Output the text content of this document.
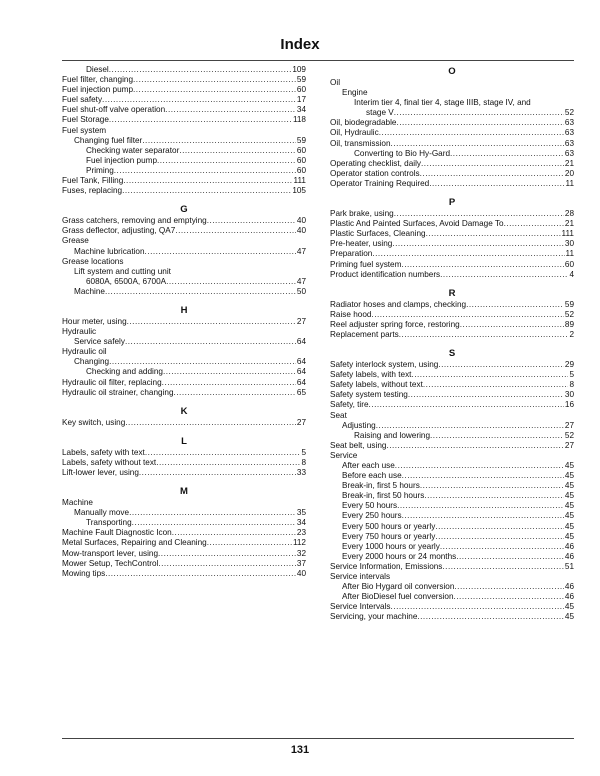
Index
Diesel .....	109
Fuel filter, changing .....	59
Fuel injection pump .....	60
Fuel safety .....	17
Fuel shut-off valve operation .....	34
Fuel Storage .....	118
Fuel system
Changing fuel filter .....	59
Checking water separator .....	60
Fuel injection pump .....	60
Priming .....	60
Fuel Tank, Filling .....	111
Fuses, replacing .....	105
G
Grass catchers, removing and emptying .....	40
Grass deflector, adjusting, QA7 .....	40
Grease
Machine lubrication .....	47
Grease locations
Lift system and cutting unit
6080A, 6500A, 6700A .....	47
Machine .....	50
H
Hour meter, using .....	27
Hydraulic
Service safely .....	64
Hydraulic oil
Changing .....	64
Checking and adding .....	64
Hydraulic oil filter, replacing .....	64
Hydraulic oil strainer, changing .....	65
K
Key switch, using .....	27
L
Labels, safety with text .....	5
Labels, safety without text .....	8
Lift-lower lever, using .....	33
M
Machine
Manually move .....	35
Transporting .....	34
Machine Fault Diagnostic Icon .....	23
Metal Surfaces, Repairing and Cleaning .....	112
Mow-transport lever, using .....	32
Mower Setup, TechControl .....	37
Mowing tips .....	40
O
Oil
Engine
Interim tier 4, final tier 4, stage IIIB, stage IV, and
stage V .....	52
Oil, biodegradable .....	63
Oil, Hydraulic .....	63
Oil, transmission .....	63
Converting to Bio Hy-Gard .....	63
Operating checklist, daily .....	21
Operator station controls .....	20
Operator Training Required .....	11
P
Park brake, using .....	28
Plastic And Painted Surfaces, Avoid Damage To .....	21
Plastic Surfaces, Cleaning .....	111
Pre-heater, using .....	30
Preparation .....	11
Priming fuel system .....	60
Product identification numbers .....	4
R
Radiator hoses and clamps, checking .....	59
Raise hood .....	52
Reel adjuster spring force, restoring .....	89
Replacement parts .....	2
S
Safety interlock system, using .....	29
Safety labels, with text .....	5
Safety labels, without text .....	8
Safety system testing .....	30
Safety, tire .....	16
Seat
Adjusting .....	27
Raising and lowering .....	52
Seat belt, using .....	27
Service
After each use .....	45
Before each use .....	45
Break-in, first 5 hours .....	45
Break-in, first 50 hours .....	45
Every 50 hours .....	45
Every 250 hours .....	45
Every 500 hours or yearly .....	45
Every 750 hours or yearly .....	45
Every 1000 hours or yearly .....	46
Every 2000 hours or 24 months .....	46
Service Information, Emissions .....	51
Service intervals
After Bio Hygard oil conversion .....	46
After BioDiesel fuel conversion .....	46
Service Intervals .....	45
Servicing, your machine .....	45
131
